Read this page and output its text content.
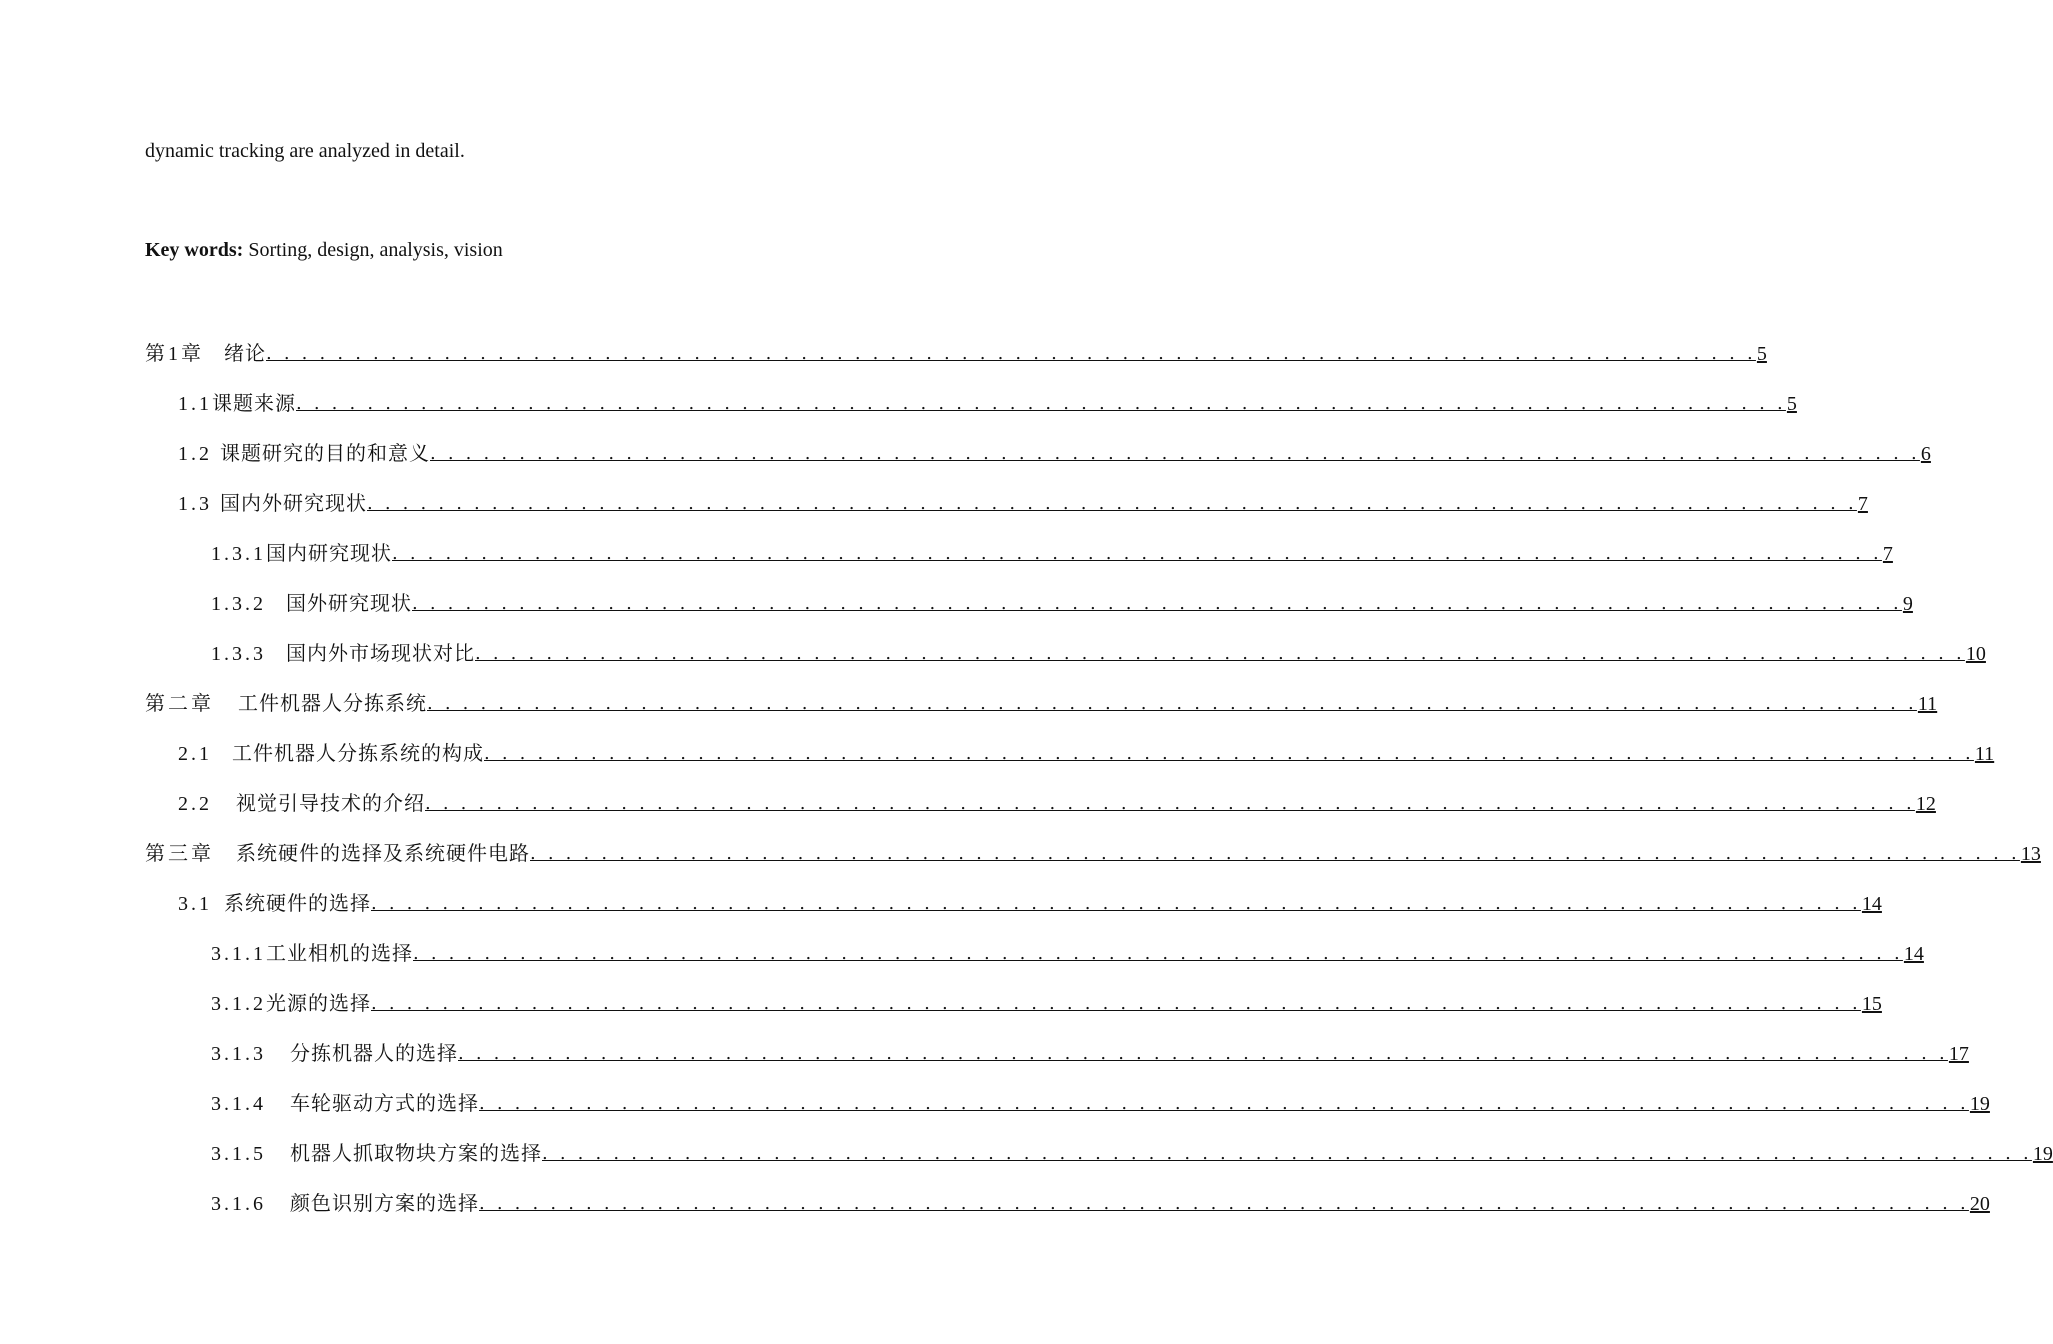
dynamic tracking are analyzed in detail.
Key words: Sorting, design, analysis, vision
第1章 绪论 . . . . . . . . . . . . . . . . . . . . . . . . . . . . . . . . . . . . . . . . . . . . . . . . . . . . . . . . . . . . . . . . . . . . . . . . . . . . . . . . . . . . 5
1.1课题来源 . . . . . . . . . . . . . . . . . . . . . . . . . . . . . . . . . . . . . . . . . . . . . . . . . . . . . . . . . . . . . . . . . . . . . . . . . . . . . . . . . . . . 5
1.2 课题研究的目的和意义 . . . . . . . . . . . . . . . . . . . . . . . . . . . . . . . . . . . . . . . . . . . . . . . . . . . . . . . . . . . . . . . . . . . . . . . . . . . . . . . . . . . . 6
1.3 国内外研究现状 . . . . . . . . . . . . . . . . . . . . . . . . . . . . . . . . . . . . . . . . . . . . . . . . . . . . . . . . . . . . . . . . . . . . . . . . . . . . . . . . . . . . 7
1.3.1国内研究现状 . . . . . . . . . . . . . . . . . . . . . . . . . . . . . . . . . . . . . . . . . . . . . . . . . . . . . . . . . . . . . . . . . . . . . . . . . . . . . . . . . . . . 7
1.3.2 国外研究现状 . . . . . . . . . . . . . . . . . . . . . . . . . . . . . . . . . . . . . . . . . . . . . . . . . . . . . . . . . . . . . . . . . . . . . . . . . . . . . . . . . . . . 9
1.3.3 国内外市场现状对比 . . . . . . . . . . . . . . . . . . . . . . . . . . . . . . . . . . . . . . . . . . . . . . . . . . . . . . . . . . . . . . . . . . . . . . . . . . . . . . . . . . . . 10
第二章 工件机器人分拣系统 . . . . . . . . . . . . . . . . . . . . . . . . . . . . . . . . . . . . . . . . . . . . . . . . . . . . . . . . . . . . . . . . . . . . . . . . . . . . . . . . . . . . 11
2.1 工件机器人分拣系统的构成 . . . . . . . . . . . . . . . . . . . . . . . . . . . . . . . . . . . . . . . . . . . . . . . . . . . . . . . . . . . . . . . . . . . . . . . . . . . . . . . . . . . . 11
2.2 视觉引导技术的介绍 . . . . . . . . . . . . . . . . . . . . . . . . . . . . . . . . . . . . . . . . . . . . . . . . . . . . . . . . . . . . . . . . . . . . . . . . . . . . . . . . . . . . 12
第三章 系统硬件的选择及系统硬件电路 . . . . . . . . . . . . . . . . . . . . . . . . . . . . . . . . . . . . . . . . . . . . . . . . . . . . . . . . . . . . . . . . . . . . . . . . . . . . . . . . . . . . 13
3.1 系统硬件的选择 . . . . . . . . . . . . . . . . . . . . . . . . . . . . . . . . . . . . . . . . . . . . . . . . . . . . . . . . . . . . . . . . . . . . . . . . . . . . . . . . . . . . 14
3.1.1工业相机的选择 . . . . . . . . . . . . . . . . . . . . . . . . . . . . . . . . . . . . . . . . . . . . . . . . . . . . . . . . . . . . . . . . . . . . . . . . . . . . . . . . . . . . 14
3.1.2光源的选择 . . . . . . . . . . . . . . . . . . . . . . . . . . . . . . . . . . . . . . . . . . . . . . . . . . . . . . . . . . . . . . . . . . . . . . . . . . . . . . . . . . . . 15
3.1.3 分拣机器人的选择 . . . . . . . . . . . . . . . . . . . . . . . . . . . . . . . . . . . . . . . . . . . . . . . . . . . . . . . . . . . . . . . . . . . . . . . . . . . . . . . . . . . . 17
3.1.4 车轮驱动方式的选择 . . . . . . . . . . . . . . . . . . . . . . . . . . . . . . . . . . . . . . . . . . . . . . . . . . . . . . . . . . . . . . . . . . . . . . . . . . . . . . . . . . . . 19
3.1.5 机器人抓取物块方案的选择 . . . . . . . . . . . . . . . . . . . . . . . . . . . . . . . . . . . . . . . . . . . . . . . . . . . . . . . . . . . . . . . . . . . . . . . . . . . . . . . . . . . . 19
3.1.6 颜色识别方案的选择 . . . . . . . . . . . . . . . . . . . . . . . . . . . . . . . . . . . . . . . . . . . . . . . . . . . . . . . . . . . . . . . . . . . . . . . . . . . . . . . . . . . . 20
